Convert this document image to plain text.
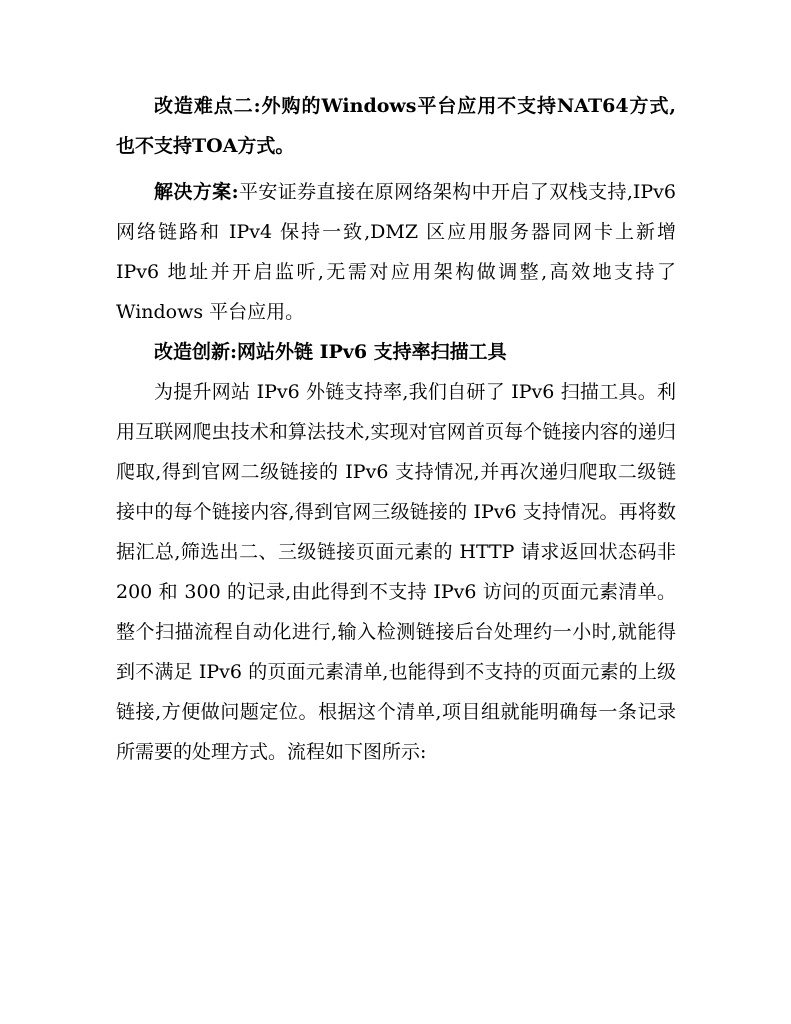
改造难点二:外购的Windows平台应用不支持NAT64方式,也不支持TOA方式。

解决方案:平安证券直接在原网络架构中开启了双栈支持,IPv6 网络链路和 IPv4 保持一致,DMZ 区应用服务器同网卡上新增 IPv6 地址并开启监听,无需对应用架构做调整,高效地支持了 Windows 平台应用。

改造创新:网站外链 IPv6 支持率扫描工具

为提升网站 IPv6 外链支持率,我们自研了 IPv6 扫描工具。利用互联网爬虫技术和算法技术,实现对官网首页每个链接内容的递归爬取,得到官网二级链接的 IPv6 支持情况,并再次递归爬取二级链接中的每个链接内容,得到官网三级链接的 IPv6 支持情况。再将数据汇总,筛选出二、三级链接页面元素的 HTTP 请求返回状态码非 200 和 300 的记录,由此得到不支持 IPv6 访问的页面元素清单。整个扫描流程自动化进行,输入检测链接后台处理约一小时,就能得到不满足 IPv6 的页面元素清单,也能得到不支持的页面元素的上级链接,方便做问题定位。根据这个清单,项目组就能明确每一条记录所需要的处理方式。流程如下图所示:
